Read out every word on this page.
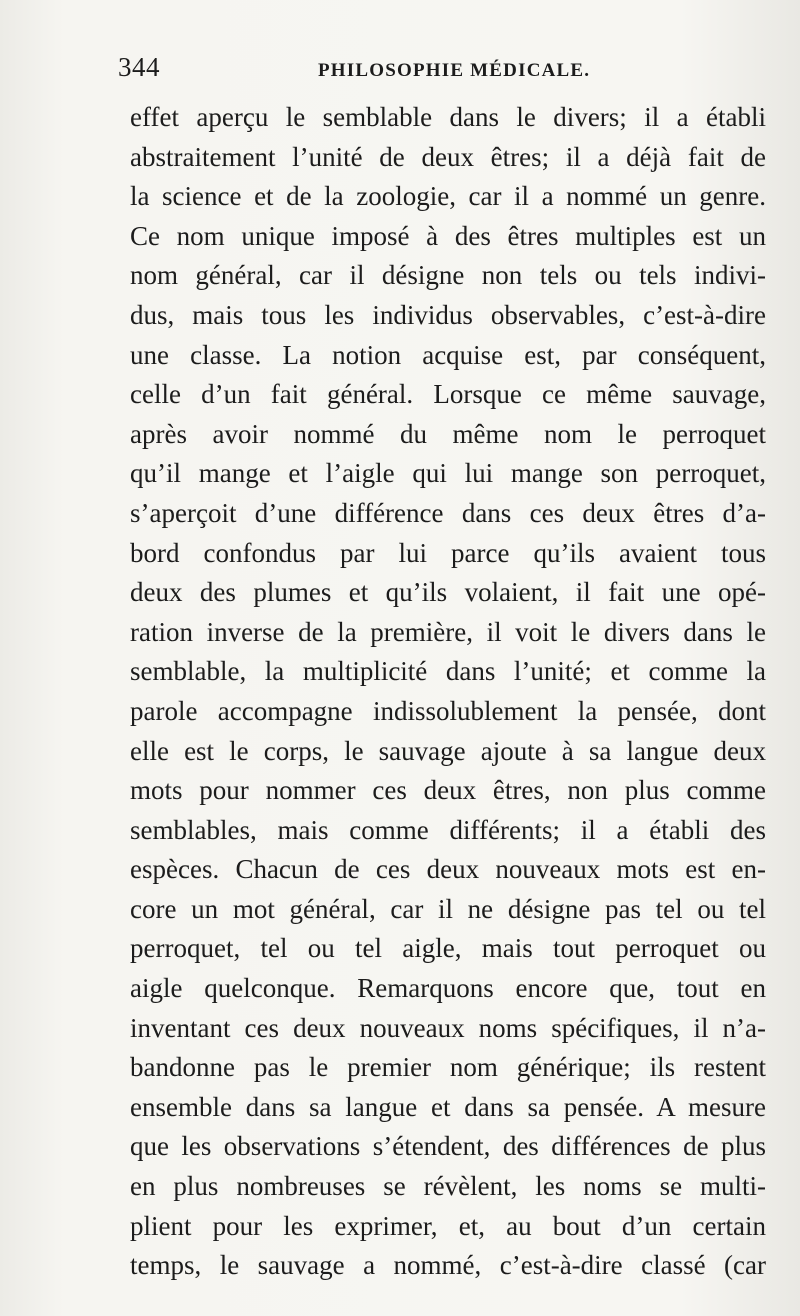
344	PHILOSOPHIE MÉDICALE.
effet aperçu le semblable dans le divers; il a établi
abstraitement l’unité de deux êtres; il a déjà fait de
la science et de la zoologie, car il a nommé un genre.
Ce nom unique imposé à des êtres multiples est un
nom général, car il désigne non tels ou tels indivi-
dus, mais tous les individus observables, c’est-à-dire
une classe. La notion acquise est, par conséquent,
celle d’un fait général. Lorsque ce même sauvage,
après avoir nommé du même nom le perroquet
qu’il mange et l’aigle qui lui mange son perroquet,
s’aperçoit d’une différence dans ces deux êtres d’a-
bord confondus par lui parce qu’ils avaient tous
deux des plumes et qu’ils volaient, il fait une opé-
ration inverse de la première, il voit le divers dans le
semblable, la multiplicité dans l’unité; et comme la
parole accompagne indissolublement la pensée, dont
elle est le corps, le sauvage ajoute à sa langue deux
mots pour nommer ces deux êtres, non plus comme
semblables, mais comme différents; il a établi des
espèces. Chacun de ces deux nouveaux mots est en-
core un mot général, car il ne désigne pas tel ou tel
perroquet, tel ou tel aigle, mais tout perroquet ou
aigle quelconque. Remarquons encore que, tout en
inventant ces deux nouveaux noms spécifiques, il n’a-
bandonne pas le premier nom générique; ils restent
ensemble dans sa langue et dans sa pensée. A mesure
que les observations s’étendent, des différences de plus
en plus nombreuses se révèlent, les noms se multi-
plient pour les exprimer, et, au bout d’un certain
temps, le sauvage a nommé, c’est-à-dire classé (car
